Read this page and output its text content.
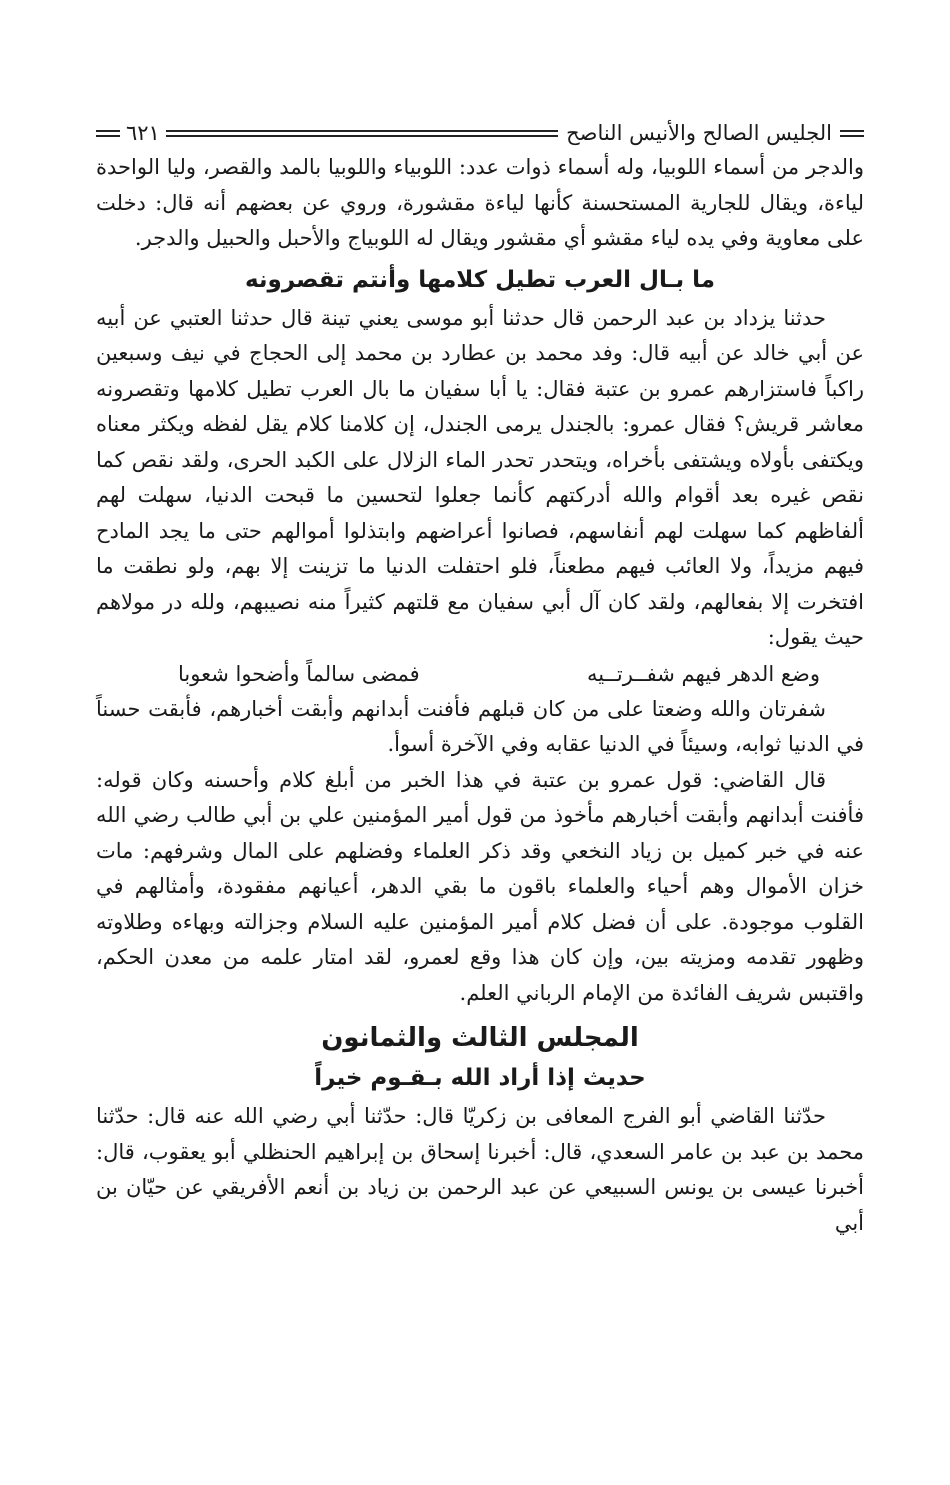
الجليس الصالح والأنيس الناصح
٦٢١

والدجر من أسماء اللوبيا، وله أسماء ذوات عدد: اللوبياء واللوبيا بالمد والقصر، وليا الواحدة لياءة، ويقال للجارية المستحسنة كأنها لياءة مقشورة، وروي عن بعضهم أنه قال: دخلت على معاوية وفي يده لياء مقشو أي مقشور ويقال له اللوبياج والأحبل والحبيل والدجر.

ما بـال العرب تطيل كلامها وأنتم تقصرونه

حدثنا يزداد بن عبد الرحمن قال حدثنا أبو موسى يعني تينة قال حدثنا العتبي عن أبيه عن أبي خالد عن أبيه قال: وفد محمد بن عطارد بن محمد إلى الحجاج في نيف وسبعين راكباً فاستزارهم عمرو بن عتبة فقال: يا أبا سفيان ما بال العرب تطيل كلامها وتقصرونه معاشر قريش؟ فقال عمرو: بالجندل يرمى الجندل، إن كلامنا كلام يقل لفظه ويكثر معناه ويكتفى بأولاه ويشتفى بأخراه، ويتحدر تحدر الماء الزلال على الكبد الحرى، ولقد نقص كما نقص غيره بعد أقوام والله أدركتهم كأنما جعلوا لتحسين ما قبحت الدنيا، سهلت لهم ألفاظهم كما سهلت لهم أنفاسهم، فصانوا أعراضهم وابتذلوا أموالهم حتى ما يجد المادح فيهم مزيداً، ولا العائب فيهم مطعناً، فلو احتفلت الدنيا ما تزينت إلا بهم، ولو نطقت ما افتخرت إلا بفعالهم، ولقد كان آل أبي سفيان مع قلتهم كثيراً منه نصيبهم، ولله در مولاهم حيث يقول:

وضع الدهر فيهم شفــرتــيه
فمضى سالماً وأضحوا شعوبا

شفرتان والله وضعتا على من كان قبلهم فأفنت أبدانهم وأبقت أخبارهم، فأبقت حسناً في الدنيا ثوابه، وسيئاً في الدنيا عقابه وفي الآخرة أسوأ.

قال القاضي: قول عمرو بن عتبة في هذا الخبر من أبلغ كلام وأحسنه وكان قوله: فأفنت أبدانهم وأبقت أخبارهم مأخوذ من قول أمير المؤمنين علي بن أبي طالب رضي الله عنه في خبر كميل بن زياد النخعي وقد ذكر العلماء وفضلهم على المال وشرفهم: مات خزان الأموال وهم أحياء والعلماء باقون ما بقي الدهر، أعيانهم مفقودة، وأمثالهم في القلوب موجودة. على أن فضل كلام أمير المؤمنين عليه السلام وجزالته وبهاءه وطلاوته وظهور تقدمه ومزيته بين، وإن كان هذا وقع لعمرو، لقد امتار علمه من معدن الحكم، واقتبس شريف الفائدة من الإمام الرباني العلم.

المجلس الثالث والثمانون
حديث إذا أراد الله بـقـوم خيراً

حدّثنا القاضي أبو الفرج المعافى بن زكريّا قال: حدّثنا أبي رضي الله عنه قال: حدّثنا محمد بن عبد بن عامر السعدي، قال: أخبرنا إسحاق بن إبراهيم الحنظلي أبو يعقوب، قال: أخبرنا عيسى بن يونس السبيعي عن عبد الرحمن بن زياد بن أنعم الأفريقي عن حيّان بن أبي
